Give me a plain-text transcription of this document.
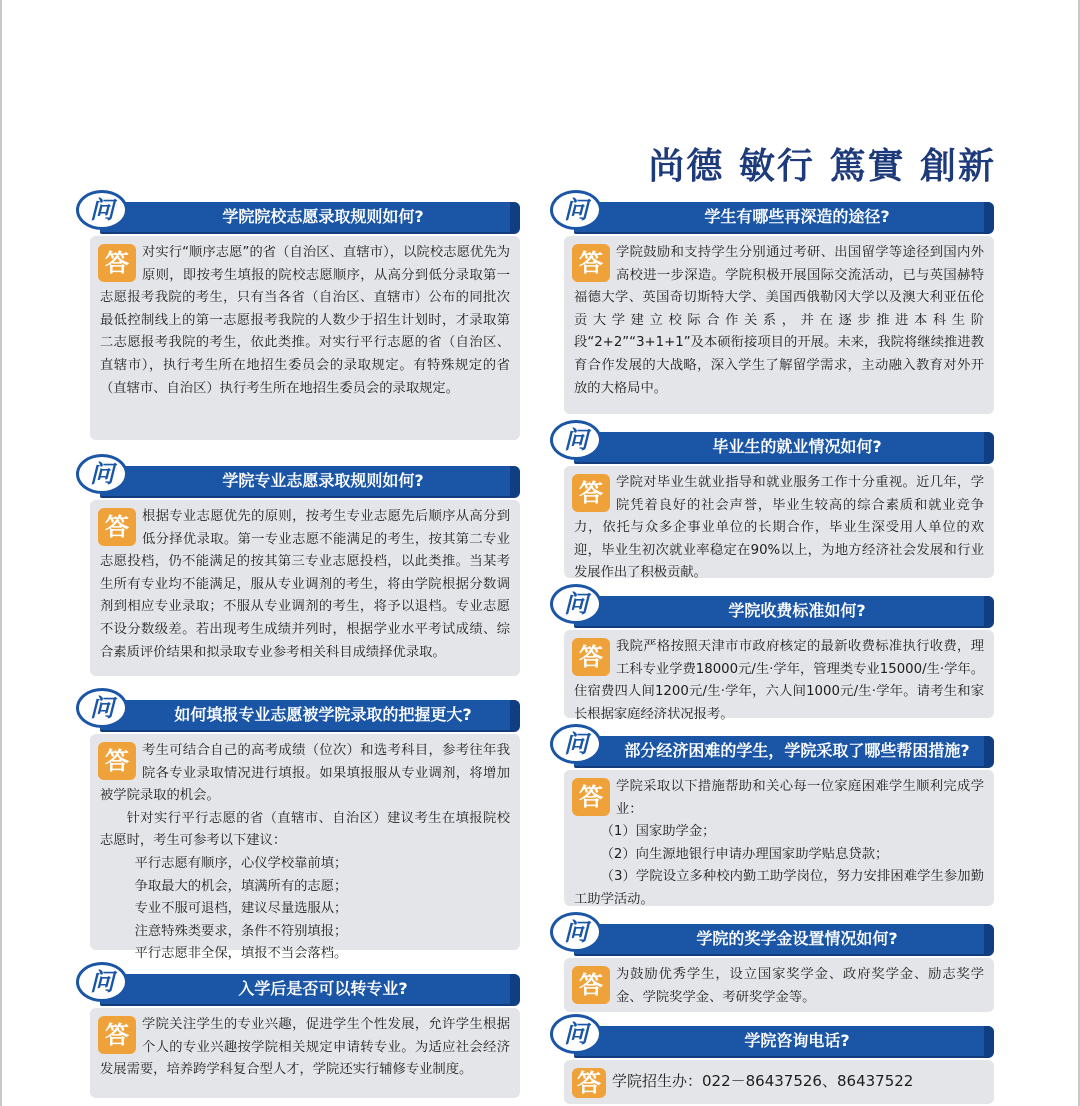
尚德 敏行 篤實 創新
问	学院院校志愿录取规则如何?
答 对实行“顺序志愿”的省（自治区、直辖市），以院校志愿优先为原则，即按考生填报的院校志愿顺序，从高分到低分录取第一志愿报考我院的考生，只有当各省（自治区、直辖市）公布的同批次最低控制线上的第一志愿报考我院的人数少于招生计划时，才录取第二志愿报考我院的考生，依此类推。对实行平行志愿的省（自治区、直辖市），执行考生所在地招生委员会的录取规定。有特殊规定的省（直辖市、自治区）执行考生所在地招生委员会的录取规定。

问	学院专业志愿录取规则如何?
答 根据专业志愿优先的原则，按考生专业志愿先后顺序从高分到低分择优录取。第一专业志愿不能满足的考生，按其第二专业志愿投档，仍不能满足的按其第三专业志愿投档，以此类推。当某考生所有专业均不能满足，服从专业调剂的考生，将由学院根据分数调剂到相应专业录取；不服从专业调剂的考生，将予以退档。专业志愿不设分数级差。若出现考生成绩并列时，根据学业水平考试成绩、综合素质评价结果和拟录取专业参考相关科目成绩择优录取。

问	如何填报专业志愿被学院录取的把握更大?
答 考生可结合自己的高考成绩（位次）和选考科目，参考往年我院各专业录取情况进行填报。如果填报服从专业调剂，将增加被学院录取的机会。

针对实行平行志愿的省（直辖市、自治区）建议考生在填报院校志愿时，考生可参考以下建议：

平行志愿有顺序，心仪学校靠前填；

争取最大的机会，填满所有的志愿；

专业不服可退档，建议尽量选服从；

注意特殊类要求，条件不符别填报；

平行志愿非全保，填报不当会落档。

问	入学后是否可以转专业?
答 学院关注学生的专业兴趣，促进学生个性发展，允许学生根据个人的专业兴趣按学院相关规定申请转专业。为适应社会经济发展需要，培养跨学科复合型人才，学院还实行辅修专业制度。

问	学生有哪些再深造的途径?
答 学院鼓励和支持学生分别通过考研、出国留学等途径到国内外高校进一步深造。学院积极开展国际交流活动，已与英国赫特福德大学、英国奇切斯特大学、美国西俄勒冈大学以及澳大利亚伍伦贡大学建立校际合作关系，并在逐步推进本科生阶段“2+2”“3+1+1”及本硕衔接项目的开展。未来，我院将继续推进教育合作发展的大战略，深入学生了解留学需求，主动融入教育对外开放的大格局中。

问	毕业生的就业情况如何?
答 学院对毕业生就业指导和就业服务工作十分重视。近几年，学院凭着良好的社会声誉，毕业生较高的综合素质和就业竞争力，依托与众多企事业单位的长期合作，毕业生深受用人单位的欢迎，毕业生初次就业率稳定在90%以上，为地方经济社会发展和行业发展作出了积极贡献。

问	学院收费标准如何?
答 我院严格按照天津市市政府核定的最新收费标准执行收费，理工科专业学费18000元/生·学年，管理类专业15000/生·学年。住宿费四人间1200元/生·学年，六人间1000元/生·学年。请考生和家长根据家庭经济状况报考。

问	部分经济困难的学生，学院采取了哪些帮困措施?
答 学院采取以下措施帮助和关心每一位家庭困难学生顺利完成学业：

（1）国家助学金；

（2）向生源地银行申请办理国家助学贴息贷款；

（3）学院设立多种校内勤工助学岗位，努力安排困难学生参加勤工助学活动。

问	学院的奖学金设置情况如何?
答 为鼓励优秀学生，设立国家奖学金、政府奖学金、励志奖学金、学院奖学金、考研奖学金等。

问	学院咨询电话?
答 学院招生办：022－86437526、86437522
